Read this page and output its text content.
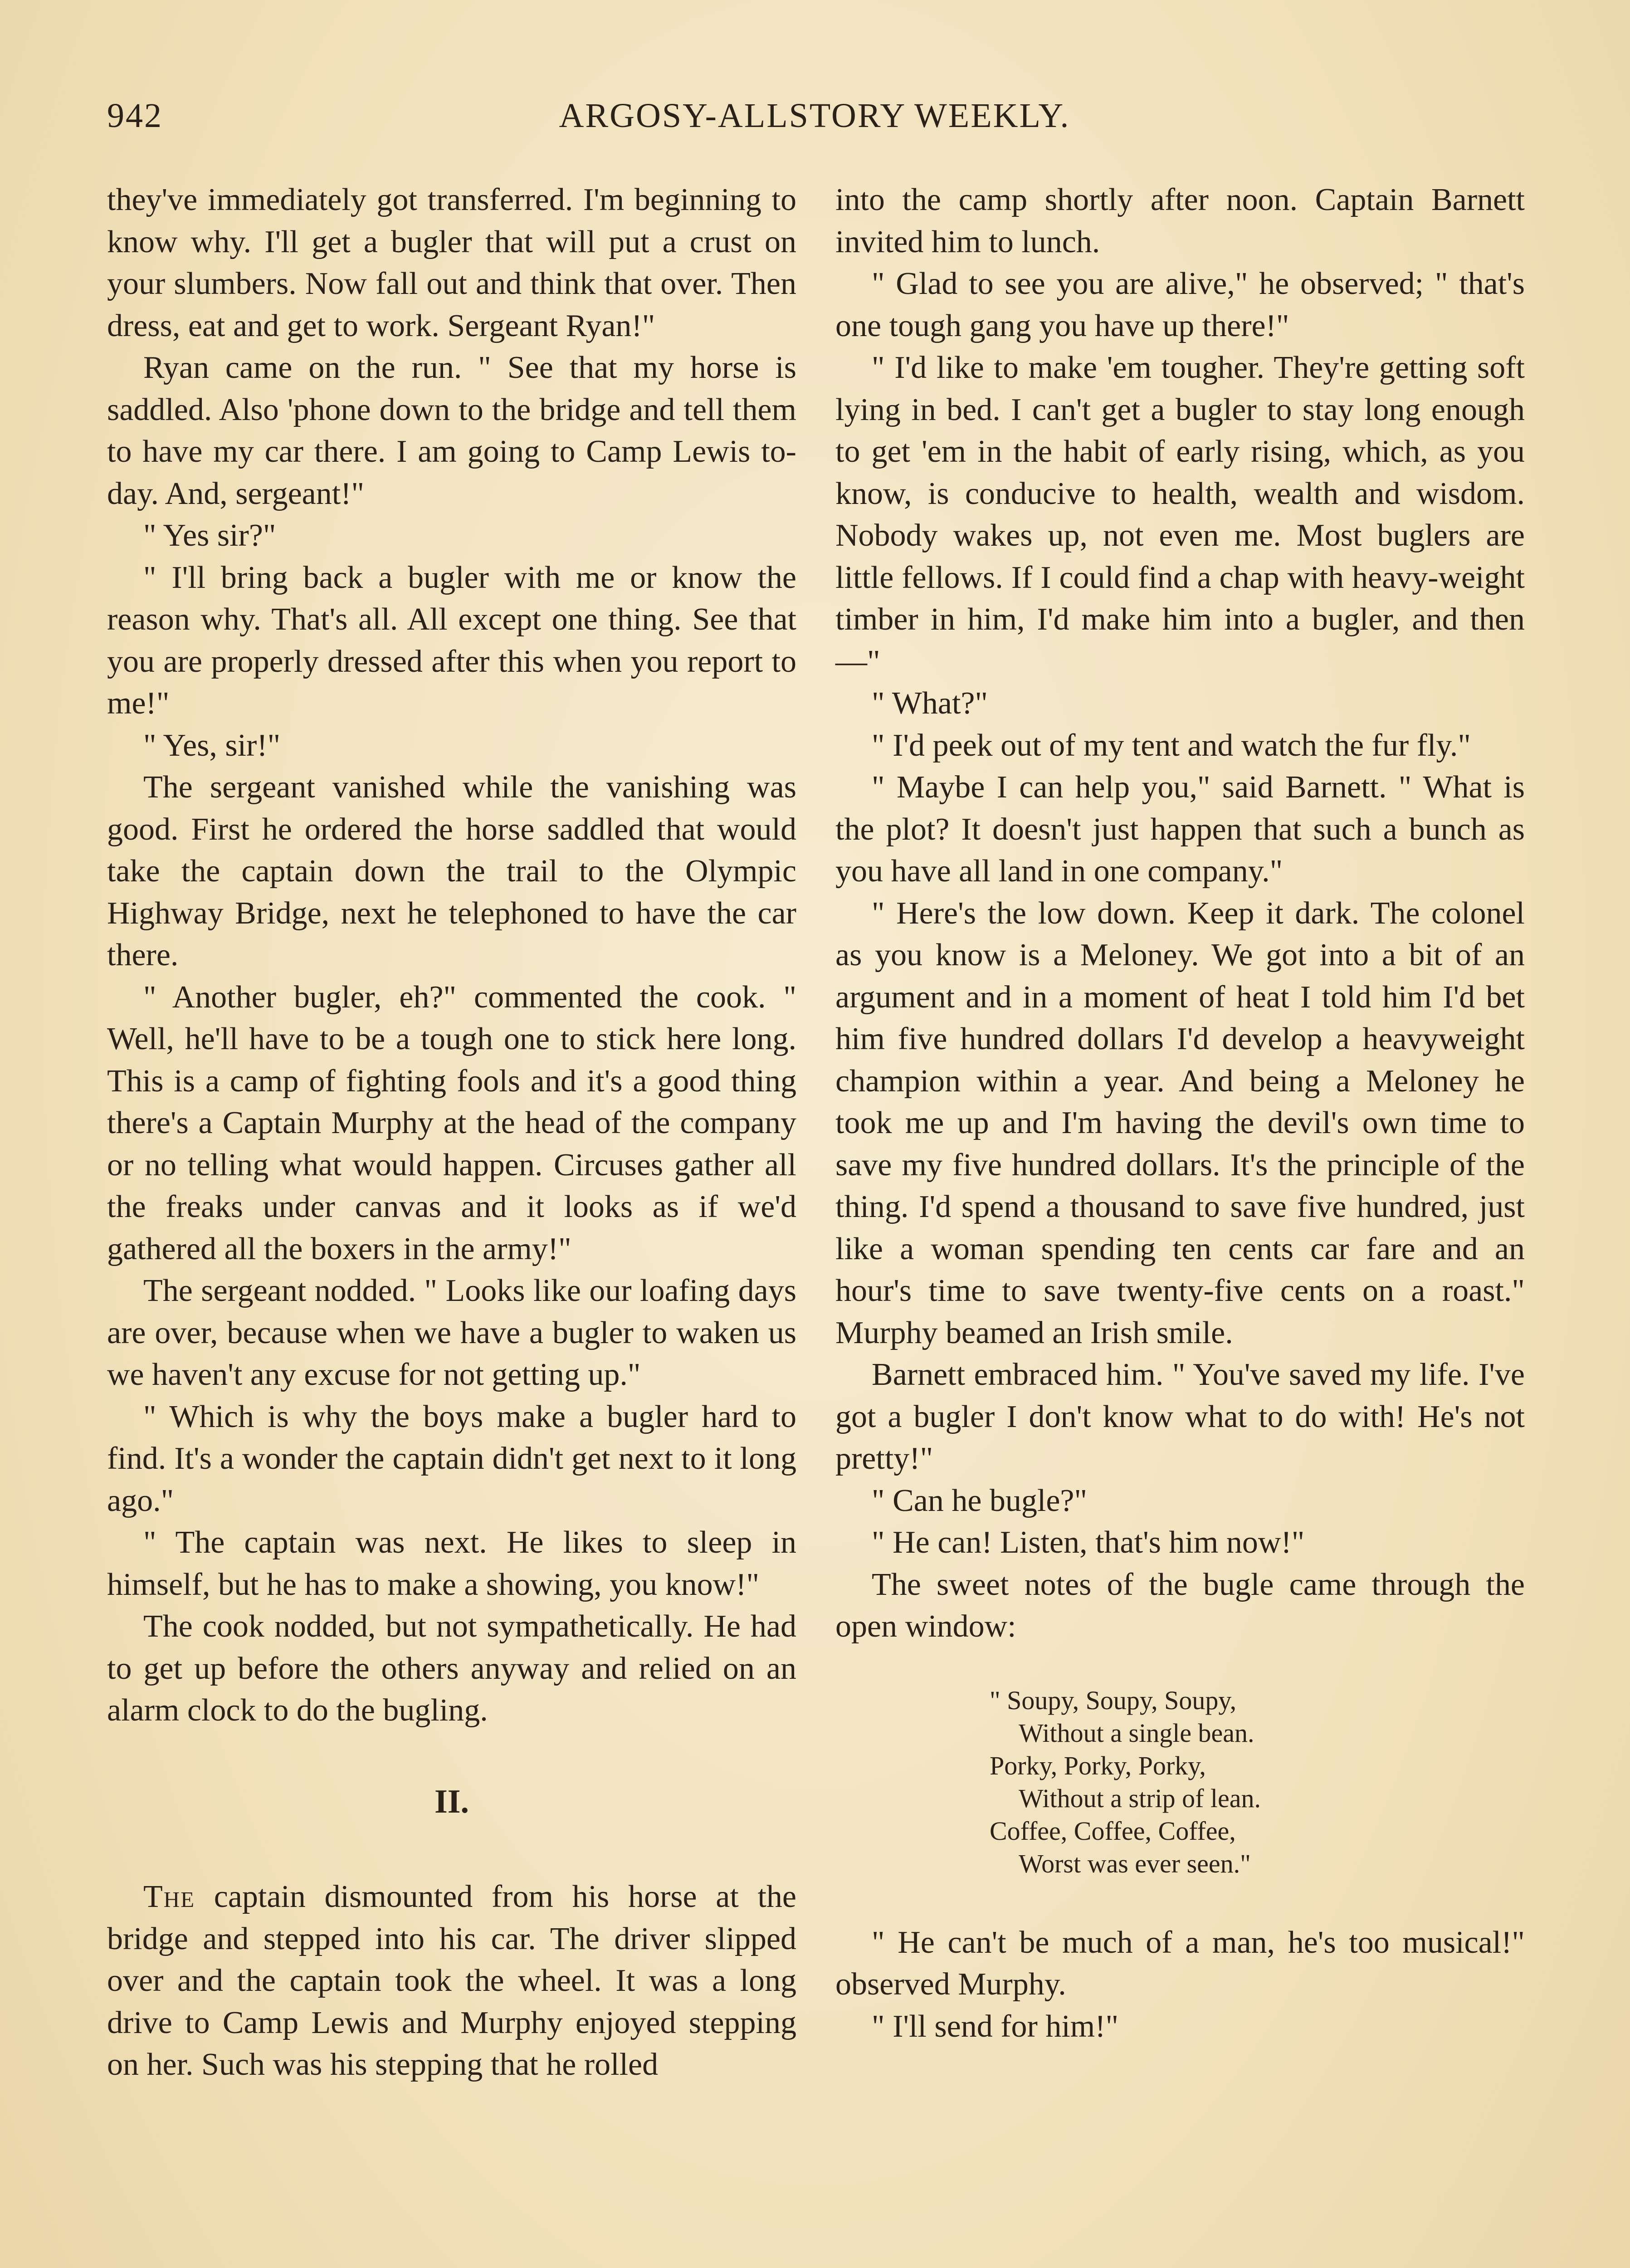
942	ARGOSY-ALLSTORY WEEKLY.

they've immediately got transferred. I'm beginning to know why. I'll get a bugler that will put a crust on your slumbers. Now fall out and think that over. Then dress, eat and get to work. Sergeant Ryan!"

Ryan came on the run. " See that my horse is saddled. Also 'phone down to the bridge and tell them to have my car there. I am going to Camp Lewis to-day. And, sergeant!"

" Yes sir?"

" I'll bring back a bugler with me or know the reason why. That's all. All except one thing. See that you are properly dressed after this when you report to me!"

" Yes, sir!"

The sergeant vanished while the vanishing was good. First he ordered the horse saddled that would take the captain down the trail to the Olympic Highway Bridge, next he telephoned to have the car there.

" Another bugler, eh?" commented the cook. " Well, he'll have to be a tough one to stick here long. This is a camp of fighting fools and it's a good thing there's a Captain Murphy at the head of the company or no telling what would happen. Circuses gather all the freaks under canvas and it looks as if we'd gathered all the boxers in the army!"

The sergeant nodded. " Looks like our loafing days are over, because when we have a bugler to waken us we haven't any excuse for not getting up."

" Which is why the boys make a bugler hard to find. It's a wonder the captain didn't get next to it long ago."

" The captain was next. He likes to sleep in himself, but he has to make a showing, you know!"

The cook nodded, but not sympathetically. He had to get up before the others anyway and relied on an alarm clock to do the bugling.

II.

The captain dismounted from his horse at the bridge and stepped into his car. The driver slipped over and the captain took the wheel. It was a long drive to Camp Lewis and Murphy enjoyed stepping on her. Such was his stepping that he rolled

into the camp shortly after noon. Captain Barnett invited him to lunch.

" Glad to see you are alive," he observed; " that's one tough gang you have up there!"

" I'd like to make 'em tougher. They're getting soft lying in bed. I can't get a bugler to stay long enough to get 'em in the habit of early rising, which, as you know, is conducive to health, wealth and wisdom. Nobody wakes up, not even me. Most buglers are little fellows. If I could find a chap with heavy-weight timber in him, I'd make him into a bugler, and then—"

" What?"

" I'd peek out of my tent and watch the fur fly."

" Maybe I can help you," said Barnett. " What is the plot? It doesn't just happen that such a bunch as you have all land in one company."

" Here's the low down. Keep it dark. The colonel as you know is a Meloney. We got into a bit of an argument and in a moment of heat I told him I'd bet him five hundred dollars I'd develop a heavyweight champion within a year. And being a Meloney he took me up and I'm having the devil's own time to save my five hundred dollars. It's the principle of the thing. I'd spend a thousand to save five hundred, just like a woman spending ten cents car fare and an hour's time to save twenty-five cents on a roast." Murphy beamed an Irish smile.

Barnett embraced him. " You've saved my life. I've got a bugler I don't know what to do with! He's not pretty!"

" Can he bugle?"

" He can! Listen, that's him now!"

The sweet notes of the bugle came through the open window:

" Soupy, Soupy, Soupy,
Without a single bean.
Porky, Porky, Porky,
Without a strip of lean.
Coffee, Coffee, Coffee,
Worst was ever seen."

" He can't be much of a man, he's too musical!" observed Murphy.

" I'll send for him!"
